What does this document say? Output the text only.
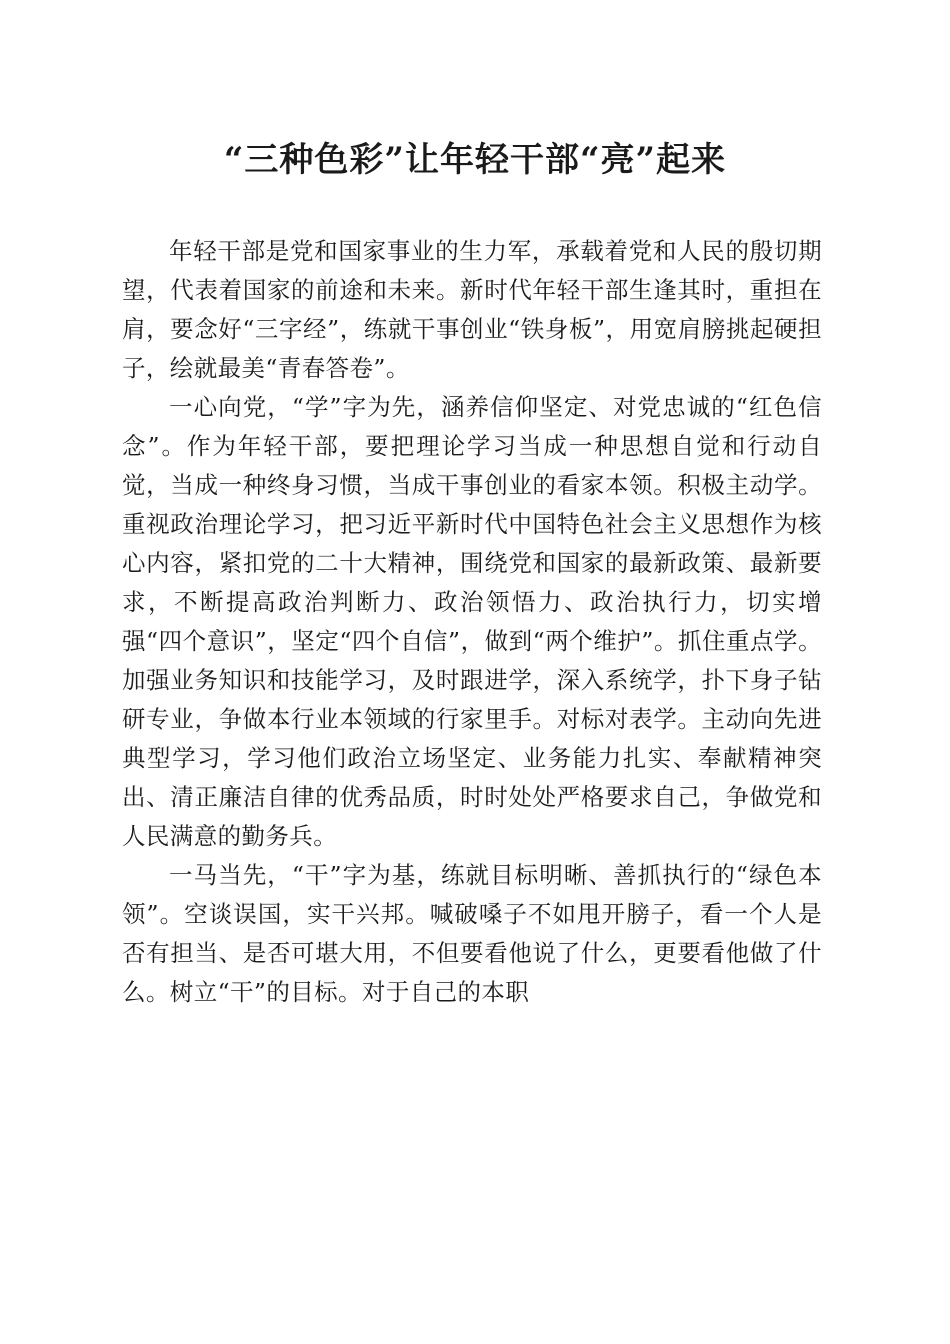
“三种色彩”让年轻干部“亮”起来

年轻干部是党和国家事业的生力军，承载着党和人民的殷切期望，代表着国家的前途和未来。新时代年轻干部生逢其时，重担在肩，要念好“三字经”，练就干事创业“铁身板”，用宽肩膀挑起硬担子，绘就最美“青春答卷”。

一心向党，“学”字为先，涵养信仰坚定、对党忠诚的“红色信念”。作为年轻干部，要把理论学习当成一种思想自觉和行动自觉，当成一种终身习惯，当成干事创业的看家本领。积极主动学。重视政治理论学习，把习近平新时代中国特色社会主义思想作为核心内容，紧扣党的二十大精神，围绕党和国家的最新政策、最新要求，不断提高政治判断力、政治领悟力、政治执行力，切实增强“四个意识”，坚定“四个自信”，做到“两个维护”。抓住重点学。加强业务知识和技能学习，及时跟进学，深入系统学，扑下身子钻研专业，争做本行业本领域的行家里手。对标对表学。主动向先进典型学习，学习他们政治立场坚定、业务能力扎实、奉献精神突出、清正廉洁自律的优秀品质，时时处处严格要求自己，争做党和人民满意的勤务兵。

一马当先，“干”字为基，练就目标明晰、善抓执行的“绿色本领”。空谈误国，实干兴邦。喊破嗓子不如甩开膀子，看一个人是否有担当、是否可堪大用，不但要看他说了什么，更要看他做了什么。树立“干”的目标。对于自己的本职
